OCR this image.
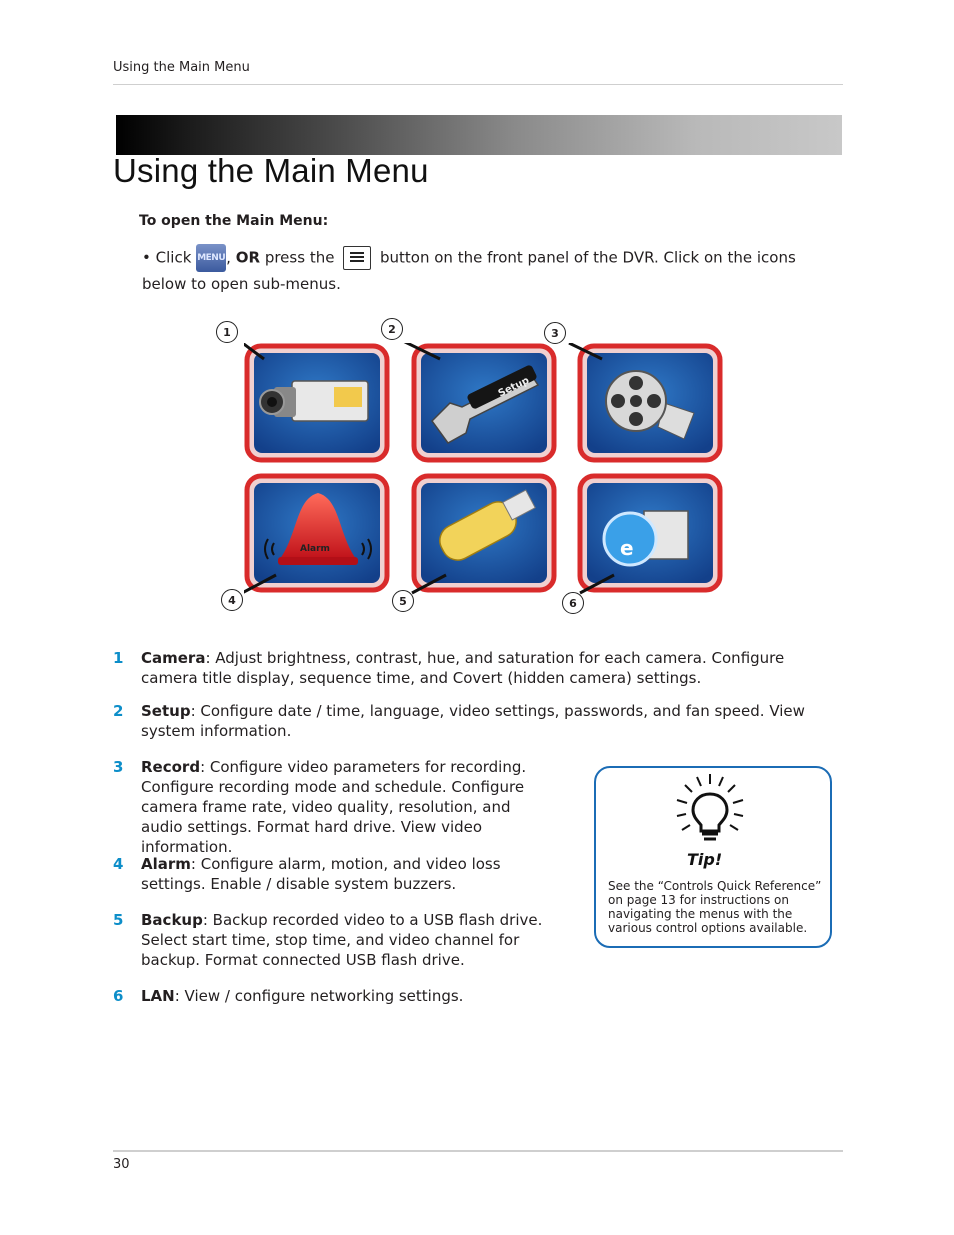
Using the Main Menu
Using the Main Menu
To open the Main Menu:
• Click MENU, OR press the	button on the front panel of the DVR. Click on the icons below to open sub-menus.
Setup
Alarm	e
1	2	3
4	5	6
1 Camera: Adjust brightness, contrast, hue, and saturation for each camera. Configure camera title display, sequence time, and Covert (hidden camera) settings.
2 Setup: Configure date / time, language, video settings, passwords, and fan speed. View system information.
3 Record: Configure video parameters for recording. Configure recording mode and schedule. Configure camera frame rate, video quality, resolution, and audio settings. Format hard drive. View video information.
4 Alarm: Configure alarm, motion, and video loss settings. Enable / disable system buzzers.
5 Backup: Backup recorded video to a USB flash drive. Select start time, stop time, and video channel for backup. Format connected USB flash drive.
6 LAN: View / configure networking settings.
Tip!
See the “Controls Quick Reference” on page 13 for instructions on navigating the menus with the various control options available.
30
